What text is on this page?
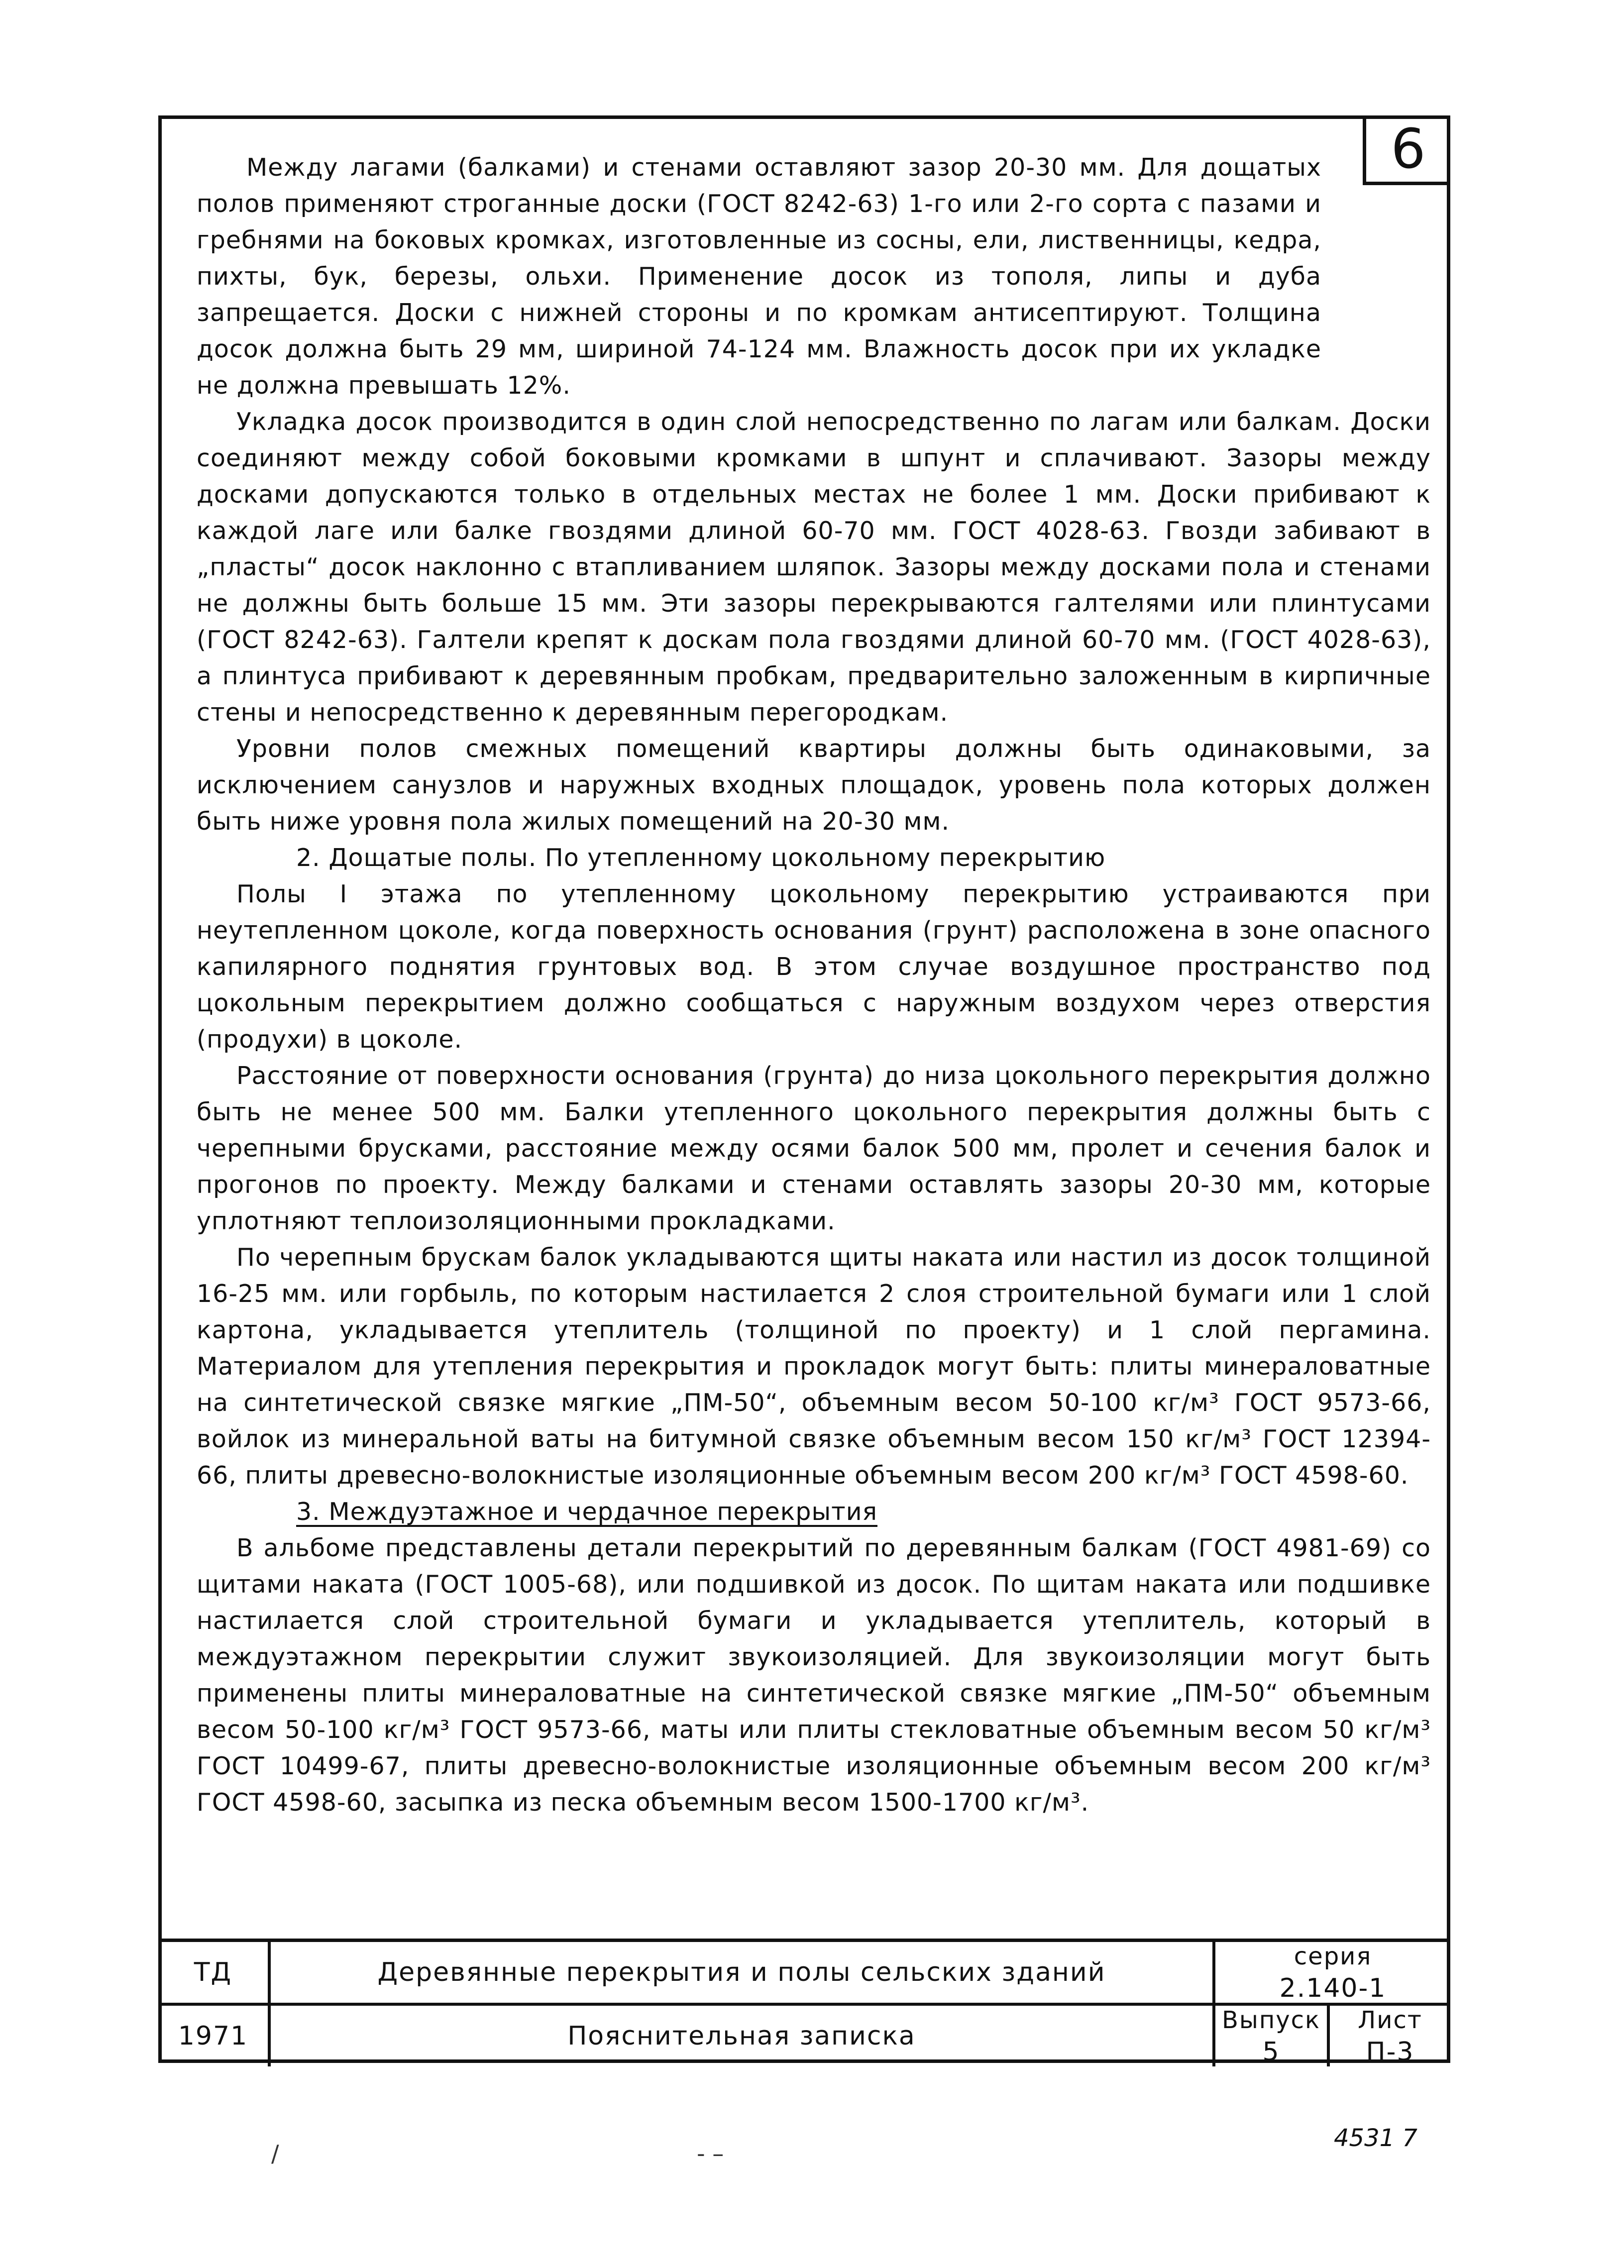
6

Между лагами (балками) и стенами оставляют зазор 20-30 мм. Для дощатых полов применяют строганные доски (ГОСТ 8242-63) 1-го или 2-го сорта с пазами и гребнями на боковых кромках, изготовленные из сосны, ели, лиственницы, кедра, пихты, бук, березы, ольхи. Применение досок из тополя, липы и дуба запрещается. Доски с нижней стороны и по кромкам антисептируют. Толщина досок должна быть 29 мм, шириной 74-124 мм. Влажность досок при их укладке не должна превышать 12%.

Укладка досок производится в один слой непосредственно по лагам или балкам. Доски соединяют между собой боковыми кромками в шпунт и сплачивают. Зазоры между досками допускаются только в отдельных местах не более 1 мм. Доски прибивают к каждой лаге или балке гвоздями длиной 60-70 мм. ГОСТ 4028-63. Гвозди забивают в „пласты“ досок наклонно с втапливанием шляпок. Зазоры между досками пола и стенами не должны быть больше 15 мм. Эти зазоры перекрываются галтелями или плинтусами (ГОСТ 8242-63). Галтели крепят к доскам пола гвоздями длиной 60-70 мм. (ГОСТ 4028-63), а плинтуса прибивают к деревянным пробкам, предварительно заложенным в кирпичные стены и непосредственно к деревянным перегородкам.

Уровни полов смежных помещений квартиры должны быть одинаковыми, за исключением санузлов и наружных входных площадок, уровень пола которых должен быть ниже уровня пола жилых помещений на 20-30 мм.

2. Дощатые полы. По утепленному цокольному перекрытию

Полы I этажа по утепленному цокольному перекрытию устраиваются при неутепленном цоколе, когда поверхность основания (грунт) расположена в зоне опасного капилярного поднятия грунтовых вод. В этом случае воздушное пространство под цокольным перекрытием должно сообщаться с наружным воздухом через отверстия (продухи) в цоколе.

Расстояние от поверхности основания (грунта) до низа цокольного перекрытия должно быть не менее 500 мм. Балки утепленного цокольного перекрытия должны быть с черепными брусками, расстояние между осями балок 500 мм, пролет и сечения балок и прогонов по проекту. Между балками и стенами оставлять зазоры 20-30 мм, которые уплотняют теплоизоляционными прокладками.

По черепным брускам балок укладываются щиты наката или настил из досок толщиной 16-25 мм. или горбыль, по которым настилается 2 слоя строительной бумаги или 1 слой картона, укладывается утеплитель (толщиной по проекту) и 1 слой пергамина. Материалом для утепления перекрытия и прокладок могут быть: плиты минераловатные на синтетической связке мягкие „ПМ-50“, объемным весом 50-100 кг/м³ ГОСТ 9573-66, войлок из минеральной ваты на битумной связке объемным весом 150 кг/м³ ГОСТ 12394-66, плиты древесно-волокнистые изоляционные объемным весом 200 кг/м³ ГОСТ 4598-60.

3. Междуэтажное и чердачное перекрытия

В альбоме представлены детали перекрытий по деревянным балкам (ГОСТ 4981-69) со щитами наката (ГОСТ 1005-68), или подшивкой из досок. По щитам наката или подшивке настилается слой строительной бумаги и укладывается утеплитель, который в междуэтажном перекрытии служит звукоизоляцией. Для звукоизоляции могут быть применены плиты минераловатные на синтетической связке мягкие „ПМ-50“ объемным весом 50-100 кг/м³ ГОСТ 9573-66, маты или плиты стекловатные объемным весом 50 кг/м³ ГОСТ 10499-67, плиты древесно-волокнистые изоляционные объемным весом 200 кг/м³ ГОСТ 4598-60, засыпка из песка объемным весом 1500-1700 кг/м³.

ТД
1971
Деревянные перекрытия и полы сельских зданий
Пояснительная записка
серия
2.140-1
Выпуск
5
Лист
П-3
4531 7
/	- –
